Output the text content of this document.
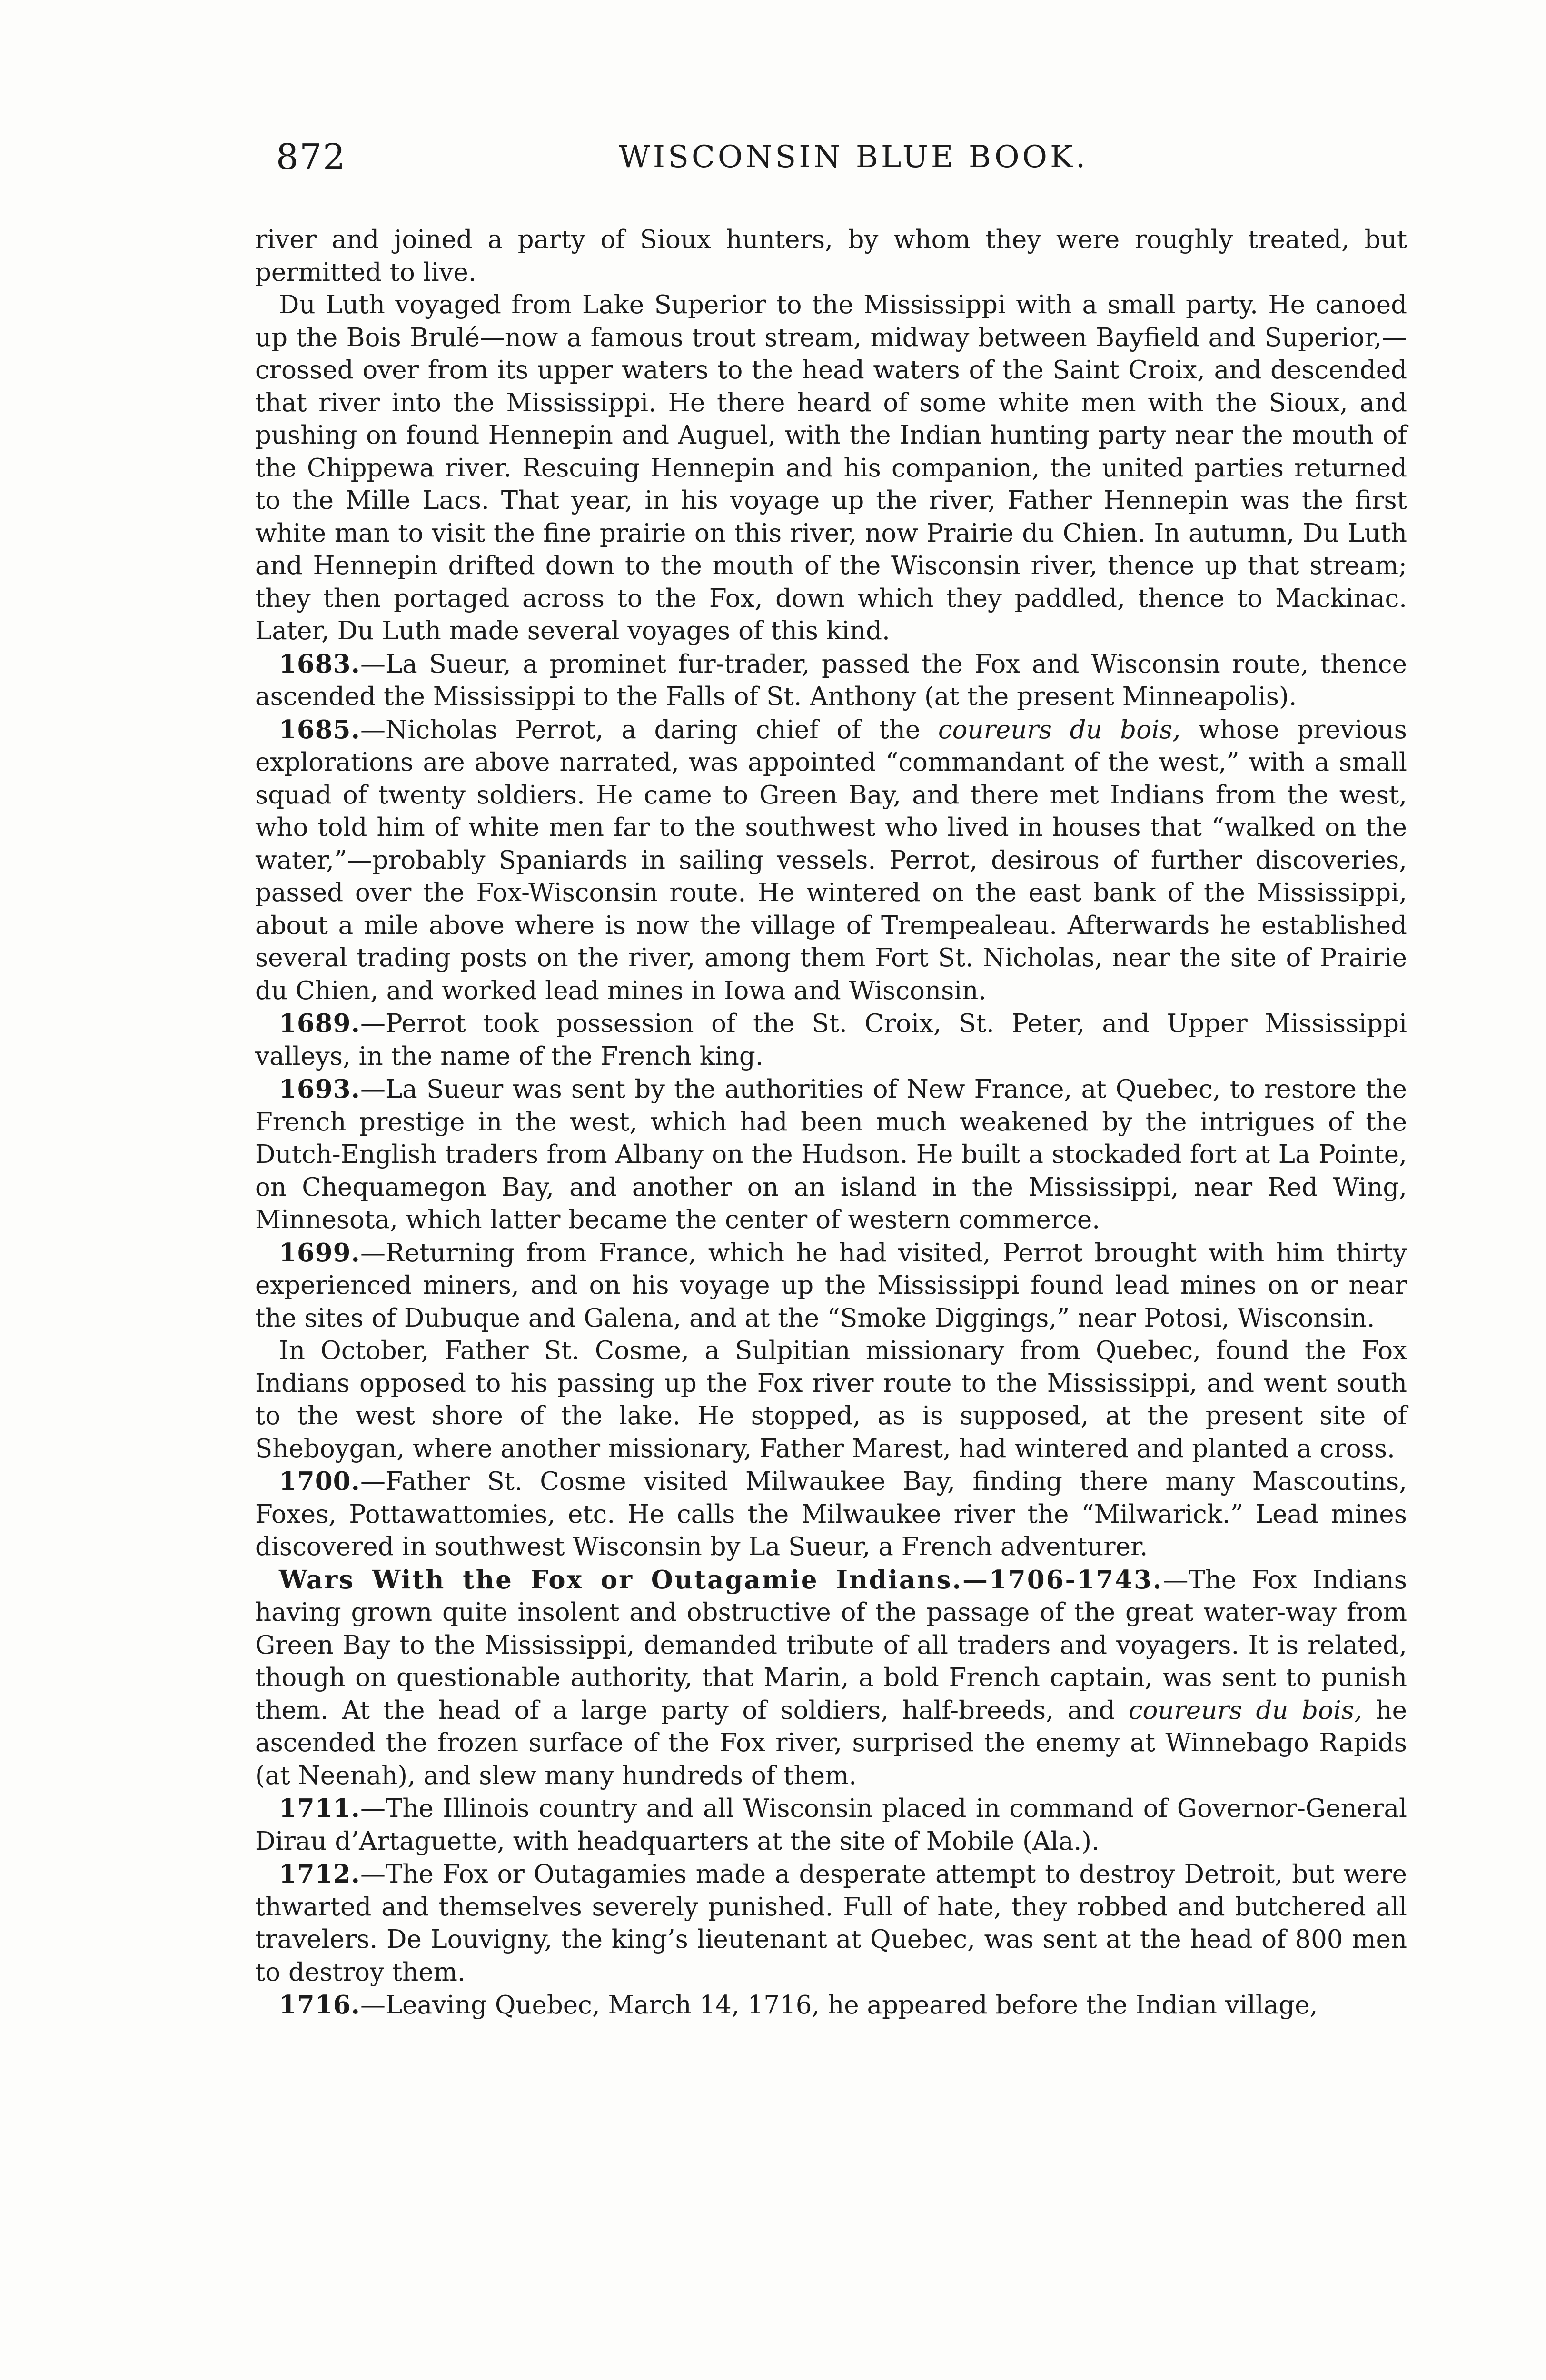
872	WISCONSIN BLUE BOOK.

river and joined a party of Sioux hunters, by whom they were roughly treated, but permitted to live.

Du Luth voyaged from Lake Superior to the Mississippi with a small party. He canoed up the Bois Brulé—now a famous trout stream, midway between Bayfield and Superior,—crossed over from its upper waters to the head waters of the Saint Croix, and descended that river into the Mississippi. He there heard of some white men with the Sioux, and pushing on found Hennepin and Auguel, with the Indian hunting party near the mouth of the Chippewa river. Rescuing Hennepin and his companion, the united parties returned to the Mille Lacs. That year, in his voyage up the river, Father Hennepin was the first white man to visit the fine prairie on this river, now Prairie du Chien. In autumn, Du Luth and Hennepin drifted down to the mouth of the Wisconsin river, thence up that stream; they then portaged across to the Fox, down which they paddled, thence to Mackinac. Later, Du Luth made several voyages of this kind.

1683.—La Sueur, a prominet fur-trader, passed the Fox and Wisconsin route, thence ascended the Mississippi to the Falls of St. Anthony (at the present Minneapolis).

1685.—Nicholas Perrot, a daring chief of the coureurs du bois, whose previous explorations are above narrated, was appointed “commandant of the west,” with a small squad of twenty soldiers. He came to Green Bay, and there met Indians from the west, who told him of white men far to the southwest who lived in houses that “walked on the water,”—probably Spaniards in sailing vessels. Perrot, desirous of further discoveries, passed over the Fox-Wisconsin route. He wintered on the east bank of the Mississippi, about a mile above where is now the village of Trempealeau. Afterwards he established several trading posts on the river, among them Fort St. Nicholas, near the site of Prairie du Chien, and worked lead mines in Iowa and Wisconsin.

1689.—Perrot took possession of the St. Croix, St. Peter, and Upper Mississippi valleys, in the name of the French king.

1693.—La Sueur was sent by the authorities of New France, at Quebec, to restore the French prestige in the west, which had been much weakened by the intrigues of the Dutch-English traders from Albany on the Hudson. He built a stockaded fort at La Pointe, on Chequamegon Bay, and another on an island in the Mississippi, near Red Wing, Minnesota, which latter became the center of western commerce.

1699.—Returning from France, which he had visited, Perrot brought with him thirty experienced miners, and on his voyage up the Mississippi found lead mines on or near the sites of Dubuque and Galena, and at the “Smoke Diggings,” near Potosi, Wisconsin.

In October, Father St. Cosme, a Sulpitian missionary from Quebec, found the Fox Indians opposed to his passing up the Fox river route to the Mississippi, and went south to the west shore of the lake. He stopped, as is supposed, at the present site of Sheboygan, where another missionary, Father Marest, had wintered and planted a cross.

1700.—Father St. Cosme visited Milwaukee Bay, finding there many Mascoutins, Foxes, Pottawattomies, etc. He calls the Milwaukee river the “Milwarick.” Lead mines discovered in southwest Wisconsin by La Sueur, a French adventurer.

Wars With the Fox or Outagamie Indians.—1706-1743.—The Fox Indians having grown quite insolent and obstructive of the passage of the great water-way from Green Bay to the Mississippi, demanded tribute of all traders and voyagers. It is related, though on questionable authority, that Marin, a bold French captain, was sent to punish them. At the head of a large party of soldiers, half-breeds, and coureurs du bois, he ascended the frozen surface of the Fox river, surprised the enemy at Winnebago Rapids (at Neenah), and slew many hundreds of them.

1711.—The Illinois country and all Wisconsin placed in command of Governor-General Dirau d’Artaguette, with headquarters at the site of Mobile (Ala.).

1712.—The Fox or Outagamies made a desperate attempt to destroy Detroit, but were thwarted and themselves severely punished. Full of hate, they robbed and butchered all travelers. De Louvigny, the king’s lieutenant at Quebec, was sent at the head of 800 men to destroy them.

1716.—Leaving Quebec, March 14, 1716, he appeared before the Indian village,
